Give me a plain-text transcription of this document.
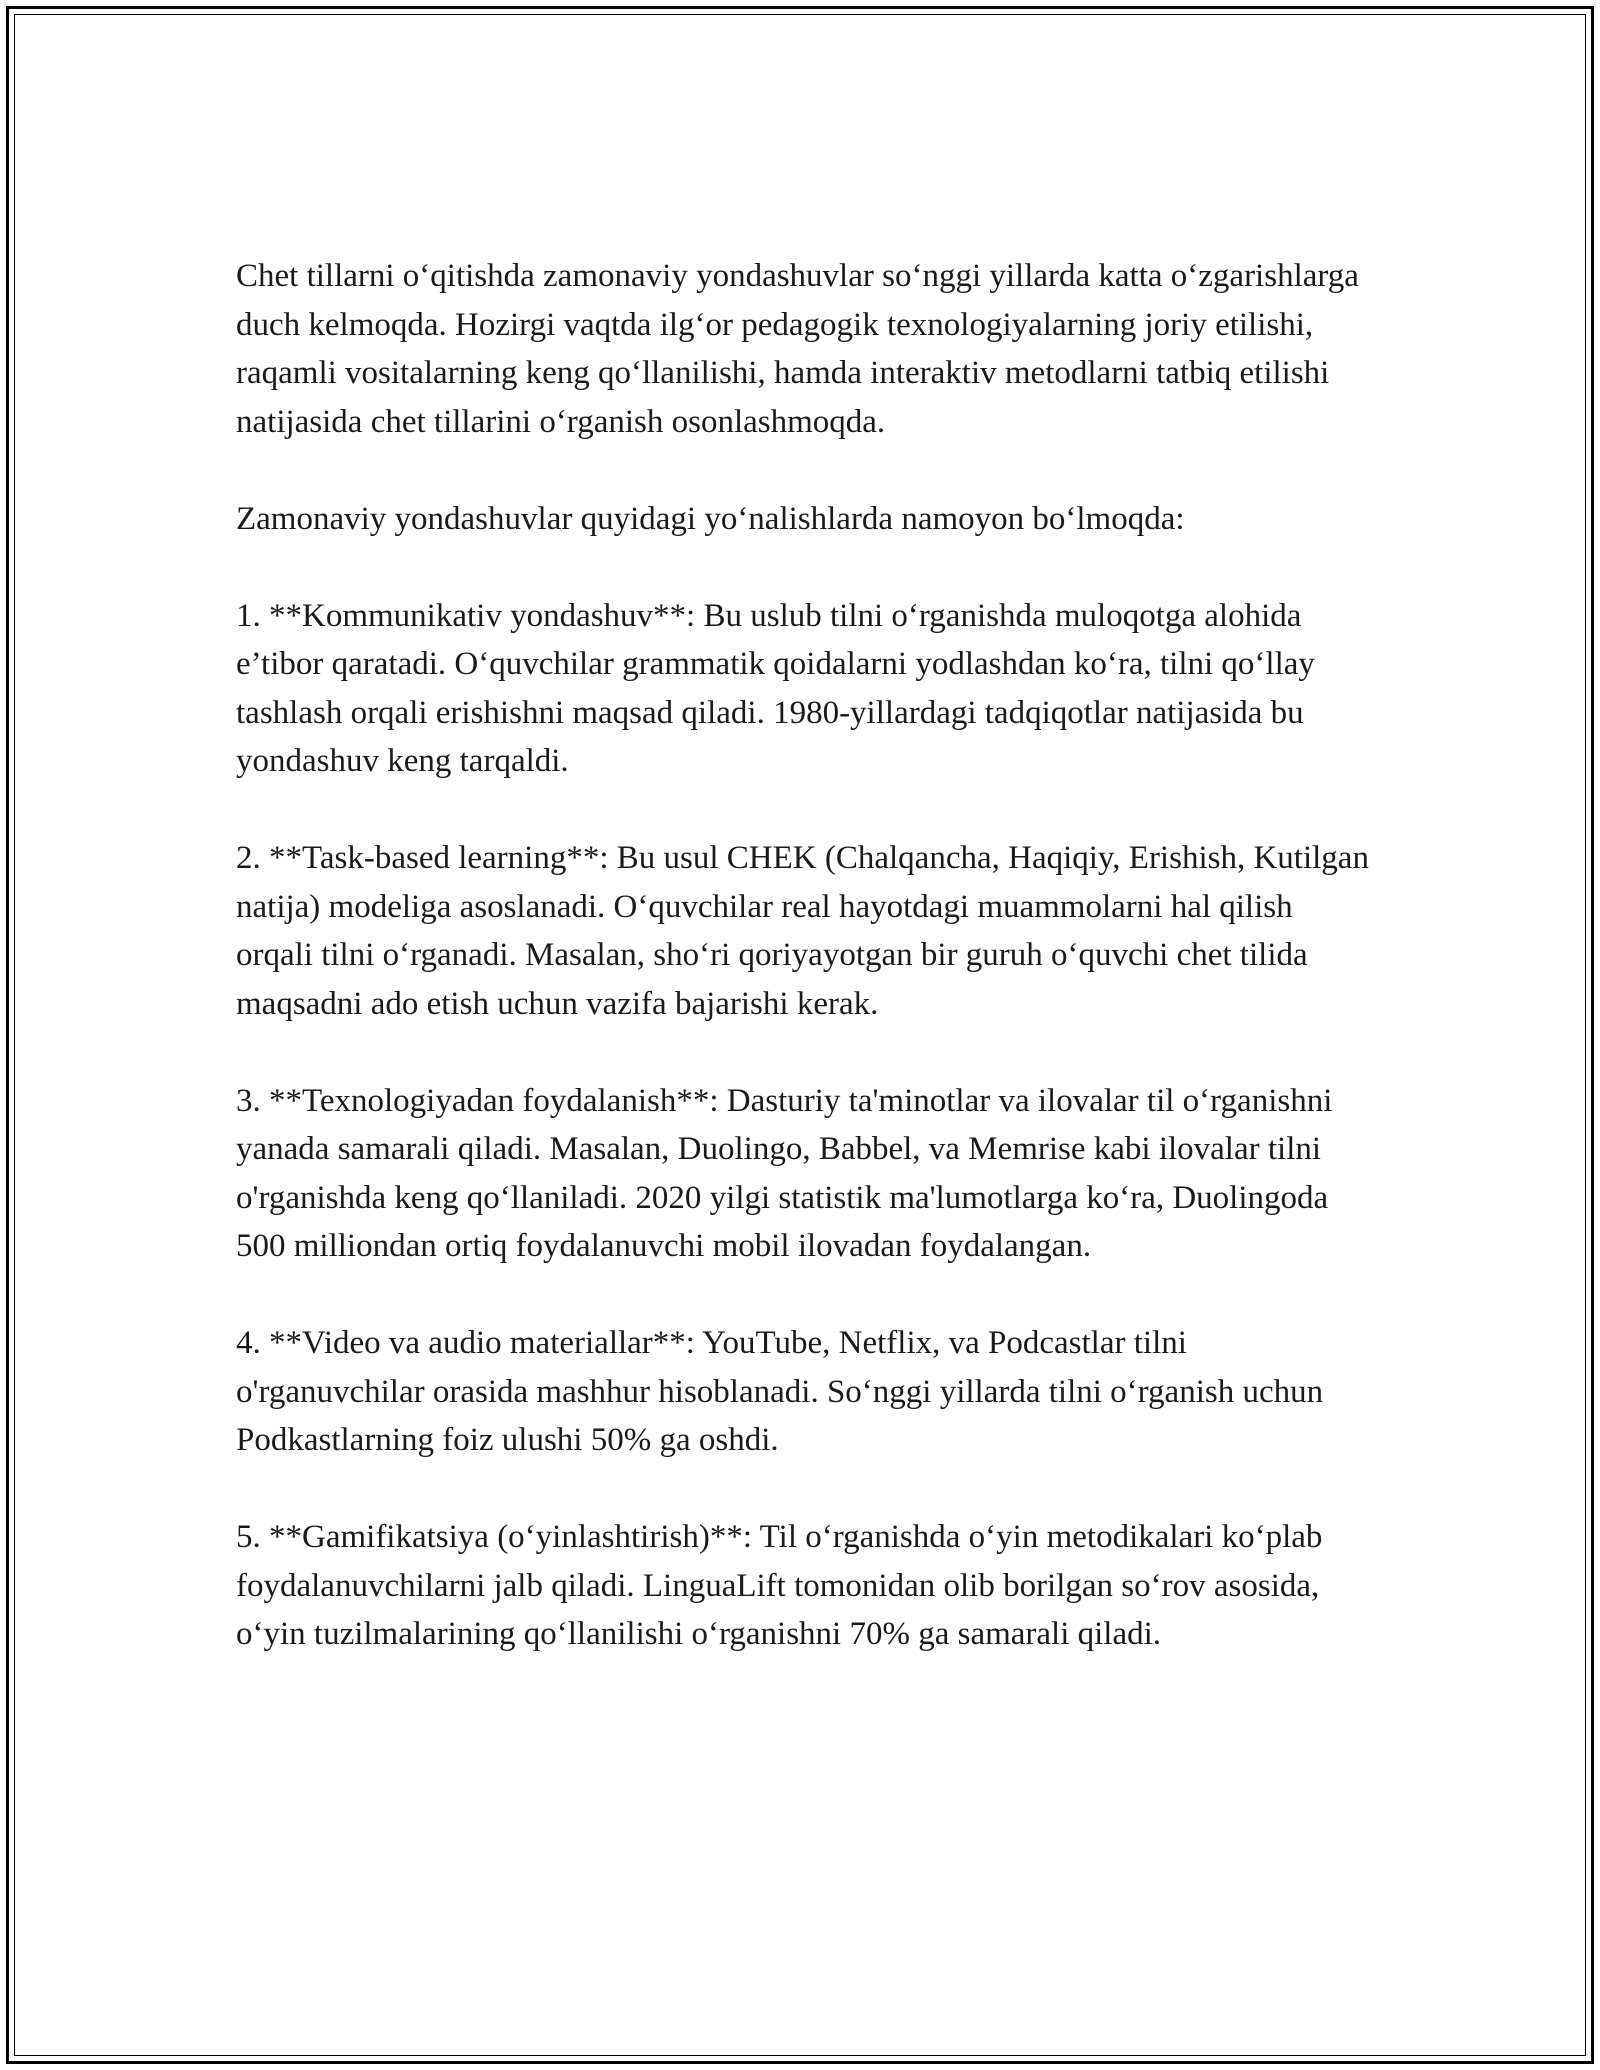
Chet tillarni o‘qitishda zamonaviy yondashuvlar so‘nggi yillarda katta o‘zgarishlarga duch kelmoqda. Hozirgi vaqtda ilg‘or pedagogik texnologiyalarning joriy etilishi, raqamli vositalarning keng qo‘llanilishi, hamda interaktiv metodlarni tatbiq etilishi natijasida chet tillarini o‘rganish osonlashmoqda.

Zamonaviy yondashuvlar quyidagi yo‘nalishlarda namoyon bo‘lmoqda:

1. **Kommunikativ yondashuv**: Bu uslub tilni o‘rganishda muloqotga alohida e’tibor qaratadi. O‘quvchilar grammatik qoidalarni yodlashdan ko‘ra, tilni qo‘llay tashlash orqali erishishni maqsad qiladi. 1980-yillardagi tadqiqotlar natijasida bu yondashuv keng tarqaldi.

2. **Task-based learning**: Bu usul CHEK (Chalqancha, Haqiqiy, Erishish, Kutilgan natija) modeliga asoslanadi. O‘quvchilar real hayotdagi muammolarni hal qilish orqali tilni o‘rganadi. Masalan, sho‘ri qoriyayotgan bir guruh o‘quvchi chet tilida maqsadni ado etish uchun vazifa bajarishi kerak.

3. **Texnologiyadan foydalanish**: Dasturiy ta'minotlar va ilovalar til o‘rganishni yanada samarali qiladi. Masalan, Duolingo, Babbel, va Memrise kabi ilovalar tilni o'rganishda keng qo‘llaniladi. 2020 yilgi statistik ma'lumotlarga ko‘ra, Duolingoda 500 milliondan ortiq foydalanuvchi mobil ilovadan foydalangan.

4. **Video va audio materiallar**: YouTube, Netflix, va Podcastlar tilni o'rganuvchilar orasida mashhur hisoblanadi. So‘nggi yillarda tilni o‘rganish uchun Podkastlarning foiz ulushi 50% ga oshdi.

5. **Gamifikatsiya (o‘yinlashtirish)**: Til o‘rganishda o‘yin metodikalari ko‘plab foydalanuvchilarni jalb qiladi. LinguaLift tomonidan olib borilgan so‘rov asosida, o‘yin tuzilmalarining qo‘llanilishi o‘rganishni 70% ga samarali qiladi.
